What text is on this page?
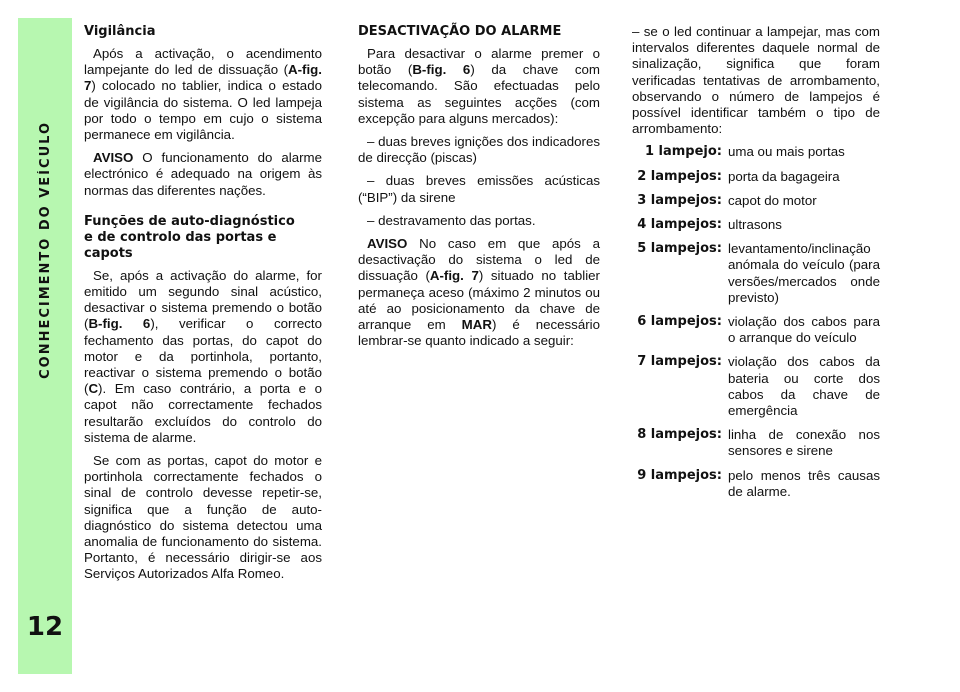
CONHECIMENTO DO VEÍCULO
12
Vigilância

Após a activação, o acendimento lampejante do led de dissuação (A-fig. 7) colocado no tablier, indica o estado de vigilância do sistema. O led lampeja por todo o tempo em cujo o sistema permanece em vigilância.

AVISO O funcionamento do alarme electrónico é adequado na origem às normas das diferentes nações.

Funções de auto-diagnóstico
e de controlo das portas e capots

Se, após a activação do alarme, for emitido um segundo sinal acústico, desactivar o sistema premendo o botão (B-fig. 6), verificar o correcto fechamento das portas, do capot do motor e da portinhola, portanto, reactivar o sistema premendo o botão (C). Em caso contrário, a porta e o capot não correctamente fechados resultarão excluídos do controlo do sistema de alarme.

Se com as portas, capot do motor e portinhola correctamente fechados o sinal de controlo devesse repetir-se, significa que a função de auto-diagnóstico do sistema detectou uma anomalia de funcionamento do sistema. Portanto, é necessário dirigir-se aos Serviços Autorizados Alfa Romeo.

DESACTIVAÇÃO DO ALARME

Para desactivar o alarme premer o botão (B-fig. 6) da chave com telecomando. São efectuadas pelo sistema as seguintes acções (com excepção para alguns mercados):

– duas breves ignições dos indicadores de direcção (piscas)

– duas breves emissões acústicas (“BIP”) da sirene

– destravamento das portas.

AVISO No caso em que após a desactivação do sistema o led de dissuação (A-fig. 7) situado no tablier permaneça aceso (máximo 2 minutos ou até ao posicionamento da chave de arranque em MAR) é necessário lembrar-se quanto indicado a seguir:

– se o led continuar a lampejar, mas com intervalos diferentes daquele normal de sinalização, significa que foram verificadas tentativas de arrombamento, observando o número de lampejos é possível identificar também o tipo de arrombamento:

1 lampejo: uma ou mais portas
2 lampejos: porta da bagageira
3 lampejos: capot do motor
4 lampejos: ultrasons
5 lampejos: levantamento/inclinação anómala do veículo (para versões/mercados onde previsto)
6 lampejos: violação dos cabos para o arranque do veículo
7 lampejos: violação dos cabos da bateria ou corte dos cabos da chave de emergência
8 lampejos: linha de conexão nos sensores e sirene
9 lampejos: pelo menos três causas de alarme.
